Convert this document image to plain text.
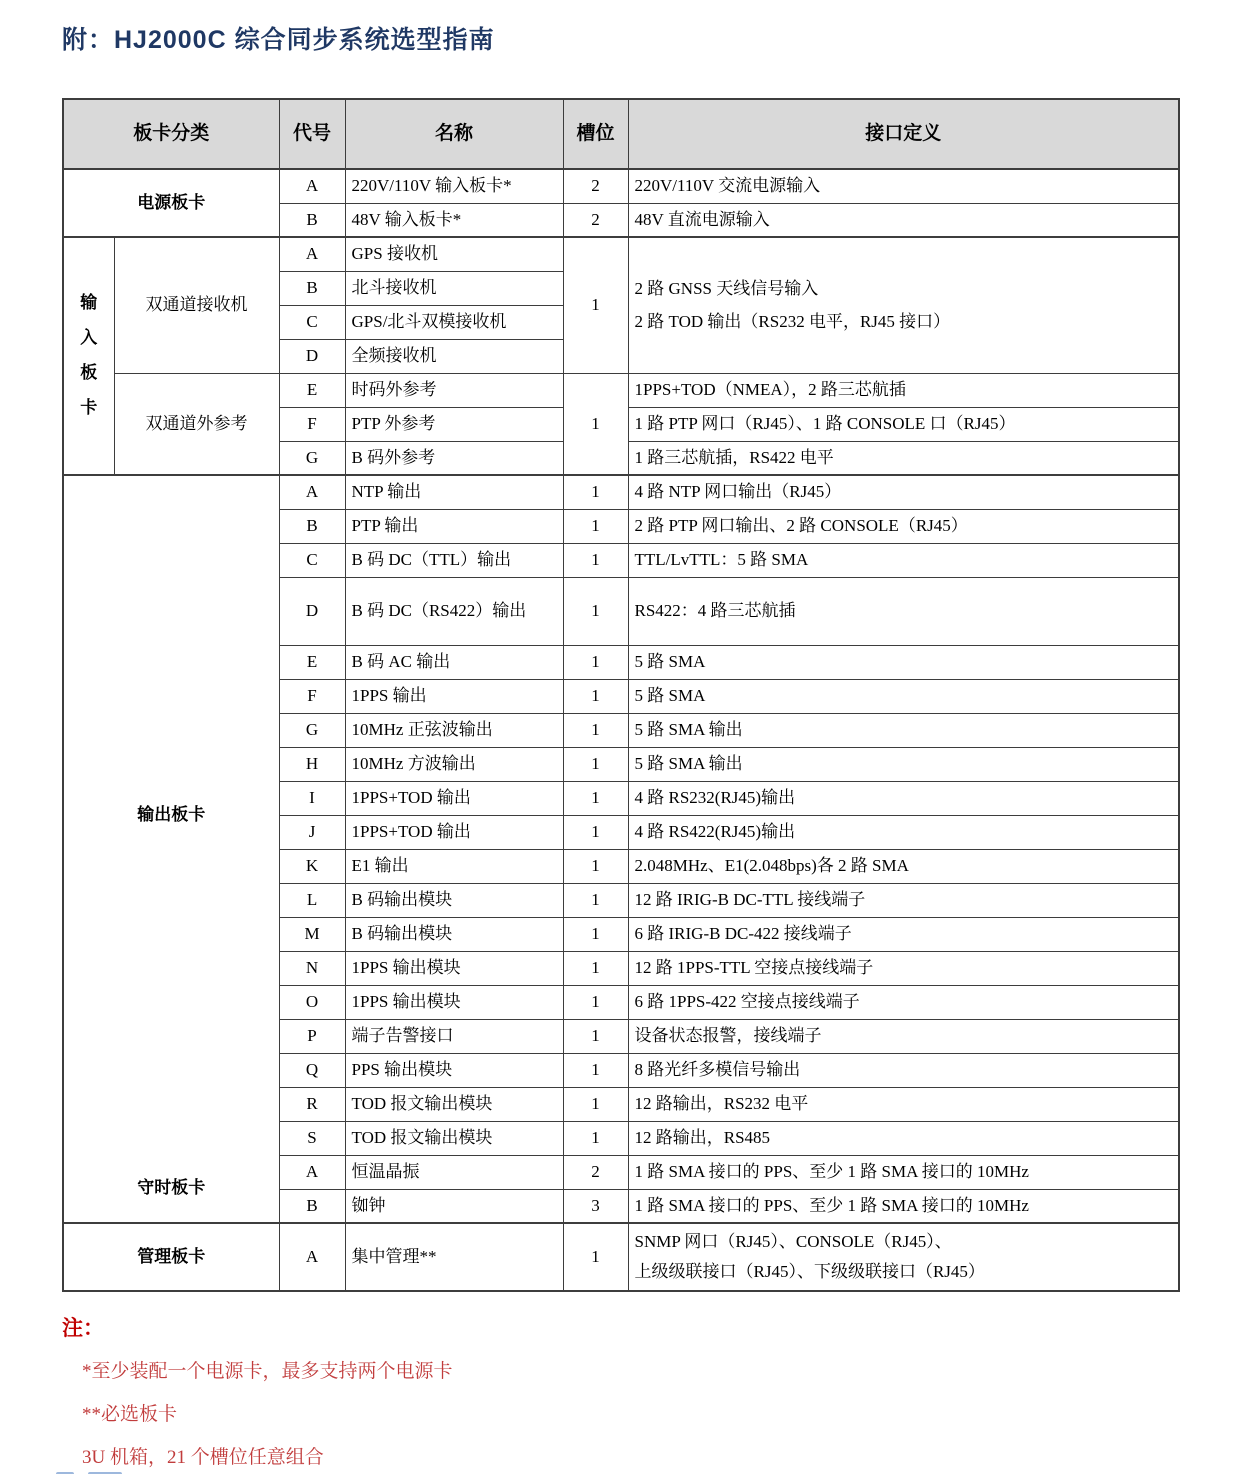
附：HJ2000C 综合同步系统选型指南
板卡分类		代号	名称	槽位	接口定义
电源板卡		A	220V/110V 输入板卡*	2	220V/110V 交流电源输入
		B	48V 输入板卡*	2	48V 直流电源输入
输入板卡	双通道接收机	A	GPS 接收机	1	2 路 GNSS 天线信号输入
2 路 TOD 输出（RS232 电平，RJ45 接口）

		B	北斗接收机		
		C	GPS/北斗双模接收机		
		D	全频接收机		
	双通道外参考	E	时码外参考	1	1PPS+TOD（NMEA），2 路三芯航插
		F	PTP 外参考		1 路 PTP 网口（RJ45）、1 路 CONSOLE 口（RJ45）
		G	B 码外参考		1 路三芯航插，RS422 电平
输出板卡		A	NTP 输出	1	4 路 NTP 网口输出（RJ45）
		B	PTP 输出	1	2 路 PTP 网口输出、2 路 CONSOLE（RJ45）
		C	B 码 DC（TTL）输出	1	TTL/LvTTL：5 路 SMA
		D	B 码 DC（RS422）输出	1	RS422：4 路三芯航插
		E	B 码 AC 输出	1	5 路 SMA
		F	1PPS 输出	1	5 路 SMA
		G	10MHz 正弦波输出	1	5 路 SMA 输出
		H	10MHz 方波输出	1	5 路 SMA 输出
		I	1PPS+TOD 输出	1	4 路 RS232(RJ45)输出
		J	1PPS+TOD 输出	1	4 路 RS422(RJ45)输出
		K	E1 输出	1	2.048MHz、E1(2.048bps)各 2 路 SMA
		L	B 码输出模块	1	12 路 IRIG-B DC-TTL 接线端子
		M	B 码输出模块	1	6 路 IRIG-B DC-422 接线端子
		N	1PPS 输出模块	1	12 路 1PPS-TTL 空接点接线端子
		O	1PPS 输出模块	1	6 路 1PPS-422 空接点接线端子
		P	端子告警接口	1	设备状态报警，接线端子
		Q	PPS 输出模块	1	8 路光纤多模信号输出
		R	TOD 报文输出模块	1	12 路输出，RS232 电平
		S	TOD 报文输出模块	1	12 路输出，RS485
守时板卡		A	恒温晶振	2	1 路 SMA 接口的 PPS、至少 1 路 SMA 接口的 10MHz
		B	铷钟	3	1 路 SMA 接口的 PPS、至少 1 路 SMA 接口的 10MHz
管理板卡		A	集中管理**	1	SNMP 网口（RJ45）、CONSOLE（RJ45）、
上级级联接口（RJ45）、下级级联接口（RJ45）

注：

*至少装配一个电源卡，最多支持两个电源卡

**必选板卡

3U 机箱，21 个槽位任意组合
